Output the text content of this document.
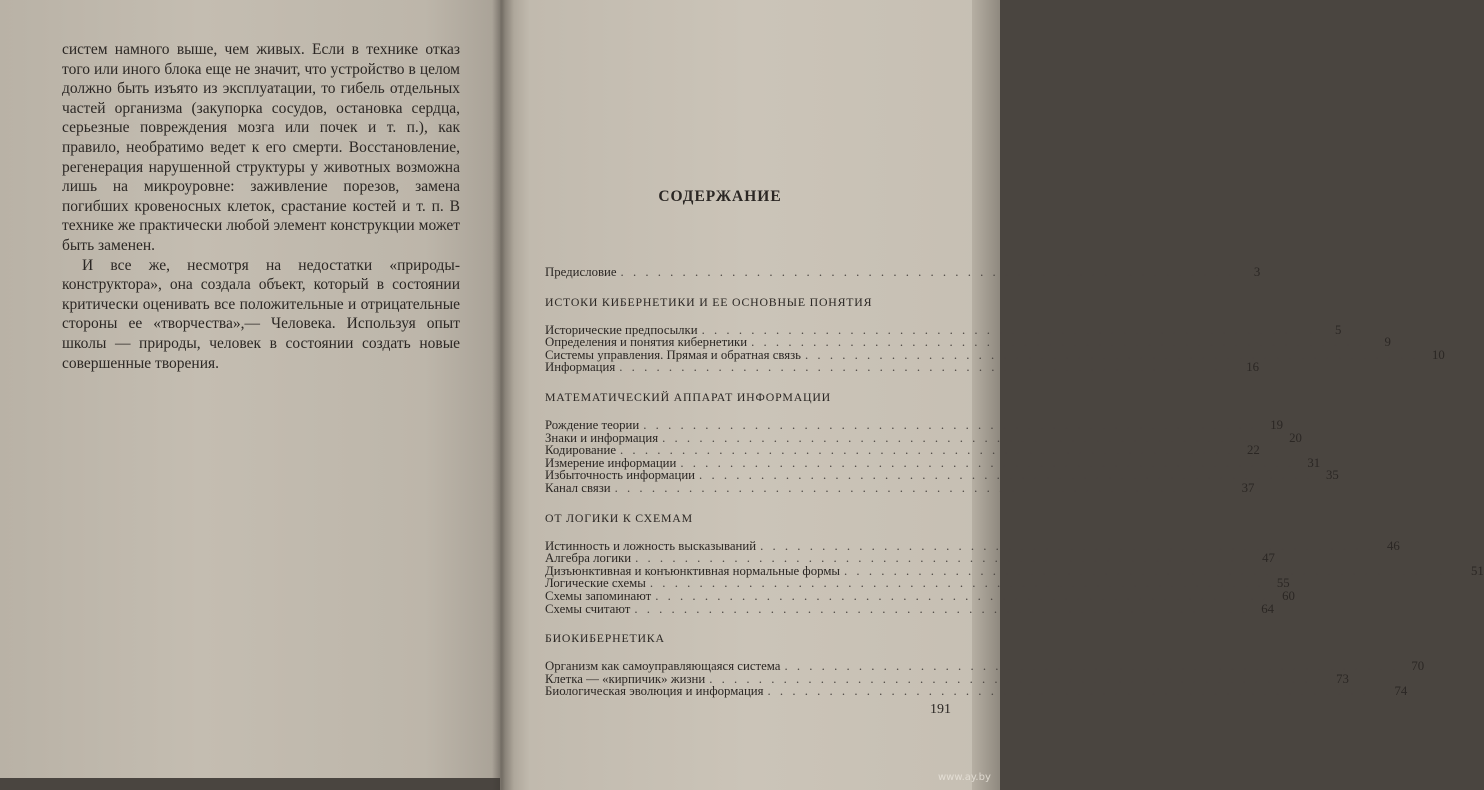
систем намного выше, чем живых. Если в технике отказ того или иного блока еще не значит, что устройство в целом должно быть изъято из эксплуатации, то гибель отдельных частей организма (закупорка сосудов, остановка сердца, серьезные повреждения мозга или почек и т. п.), как правило, необратимо ведет к его смерти. Восстановление, регенерация нарушенной структуры у животных возможна лишь на микроуровне: заживление порезов, замена погибших кровеносных клеток, срастание костей и т. п. В технике же практически любой элемент конструкции может быть заменен.

И все же, несмотря на недостатки «природы-конструктора», она создала объект, который в состоянии критически оценивать все положительные и отрицательные стороны ее «творчества»,— Человека. Используя опыт школы — природы, человек в состоянии создать новые совершенные творения.

СОДЕРЖАНИЕ
Предисловие . . . . . . . . . . . . . . . . . . . . . . . . . . . . . . . . . . . . . . . . . . . . . . . . . .	3
ИСТОКИ КИБЕРНЕТИКИ И ЕЕ ОСНОВНЫЕ ПОНЯТИЯ
Исторические предпосылки . . . . . . . . . . . . . . . . . . . . . . . . . . . . . . . . . . . . . . . . . . . . . . . . . .	5
Определения и понятия кибернетики . . . . . . . . . . . . . . . . . . . . . . . . . . . . . . . . . . . . . . . . . . . . . . . . . .	9
Системы управления. Прямая и обратная связь . . . . . . . . . . . . . . . . . . . . . . . . . . . . . . . . . . . . . . . . . . . . . . . . . .	10
Информация . . . . . . . . . . . . . . . . . . . . . . . . . . . . . . . . . . . . . . . . . . . . . . . . . .	16
МАТЕМАТИЧЕСКИЙ АППАРАТ ИНФОРМАЦИИ
Рождение теории . . . . . . . . . . . . . . . . . . . . . . . . . . . . . . . . . . . . . . . . . . . . . . . . . .	19
Знаки и информация . . . . . . . . . . . . . . . . . . . . . . . . . . . . . . . . . . . . . . . . . . . . . . . . . .	20
Кодирование . . . . . . . . . . . . . . . . . . . . . . . . . . . . . . . . . . . . . . . . . . . . . . . . . .	22
Измерение информации . . . . . . . . . . . . . . . . . . . . . . . . . . . . . . . . . . . . . . . . . . . . . . . . . .	31
Избыточность информации . . . . . . . . . . . . . . . . . . . . . . . . . . . . . . . . . . . . . . . . . . . . . . . . . .	35
Канал связи . . . . . . . . . . . . . . . . . . . . . . . . . . . . . . . . . . . . . . . . . . . . . . . . . .	37
ОТ ЛОГИКИ К СХЕМАМ
Истинность и ложность высказываний . . . . . . . . . . . . . . . . . . . . . . . . . . . . . . . . . . . . . . . . . . . . . . . . . .	46
Алгебра логики . . . . . . . . . . . . . . . . . . . . . . . . . . . . . . . . . . . . . . . . . . . . . . . . . .	47
Дизъюнктивная и конъюнктивная нормальные формы . . . . . . . . . . . . . . . . . . . . . . . . . . . . . . . . . . . . . . . . . . . . . . . . . .	51
Логические схемы . . . . . . . . . . . . . . . . . . . . . . . . . . . . . . . . . . . . . . . . . . . . . . . . . .	55
Схемы запоминают . . . . . . . . . . . . . . . . . . . . . . . . . . . . . . . . . . . . . . . . . . . . . . . . . .	60
Схемы считают . . . . . . . . . . . . . . . . . . . . . . . . . . . . . . . . . . . . . . . . . . . . . . . . . .	64
БИОКИБЕРНЕТИКА
Организм как самоуправляющаяся система . . . . . . . . . . . . . . . . . . . . . . . . . . . . . . . . . . . . . . . . . . . . . . . . . .	70
Клетка — «кирпичик» жизни . . . . . . . . . . . . . . . . . . . . . . . . . . . . . . . . . . . . . . . . . . . . . . . . . .	73
Биологическая эволюция и информация . . . . . . . . . . . . . . . . . . . . . . . . . . . . . . . . . . . . . . . . . . . . . . . . . .	74
191
www.ay.by
